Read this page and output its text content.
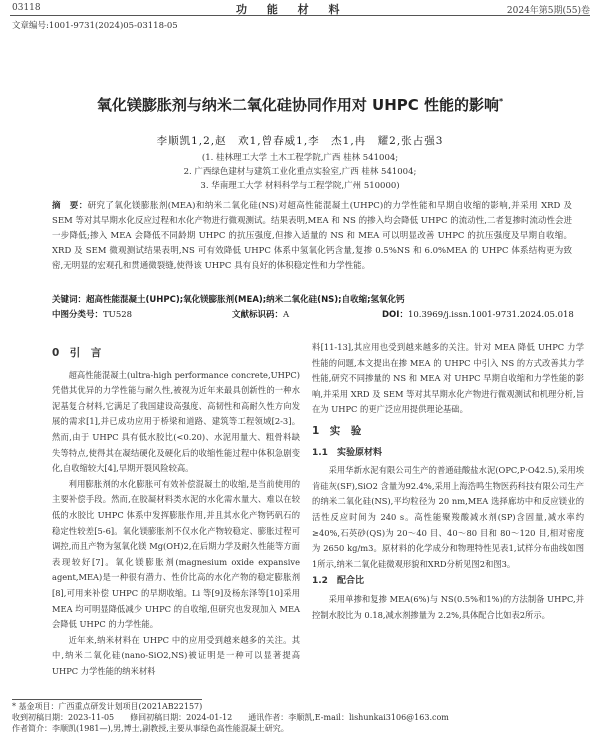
03118	功 能 材 料	2024年第5期(55)卷
文章编号:1001-9731(2024)05-03118-05
氧化镁膨胀剂与纳米二氧化硅协同作用对 UHPC 性能的影响*
李顺凯1,2,赵　欢1,曾春威1,李　杰1,冉　耀2,张占强3
(1. 桂林理工大学 土木工程学院,广西 桂林 541004;
2. 广西绿色建材与建筑工业化重点实验室,广西 桂林 541004;
3. 华南理工大学 材料科学与工程学院,广州 510000)
摘　要：研究了氧化镁膨胀剂(MEA)和纳米二氧化硅(NS)对超高性能混凝土(UHPC)的力学性能和早期自收缩的影响,并采用 XRD 及 SEM 等对其早期水化反应过程和水化产物进行微观测试。结果表明,MEA 和 NS 的掺入均会降低 UHPC 的流动性,二者复掺时流动性会进一步降低;掺入 MEA 会降低不同龄期 UHPC 的抗压强度,但掺入适量的 NS 和 MEA 可以明显改善 UHPC 的抗压强度及早期自收缩。XRD 及 SEM 微观测试结果表明,NS 可有效降低 UHPC 体系中氢氧化钙含量,复掺 0.5%NS 和 6.0%MEA 的 UHPC 体系结构更为致密,无明显的宏观孔和贯通微裂缝,使得该 UHPC 具有良好的体积稳定性和力学性能。
关键词：超高性能混凝土(UHPC);氧化镁膨胀剂(MEA);纳米二氧化硅(NS);自收缩;氢氧化钙
中图分类号：TU528	文献标识码：A	DOI：10.3969/j.issn.1001-9731.2024.05.018
0　引　言

超高性能混凝土(ultra-high performance concrete,UHPC)凭借其优异的力学性能与耐久性,被视为近年来最具创新性的一种水泥基复合材料,它满足了我国建设高强度、高韧性和高耐久性方向发展的需求[1],并已成功应用于桥梁和道路、建筑等工程领域[2-3]。然而,由于 UHPC 具有低水胶比(<0.20)、水泥用量大、粗骨料缺失等特点,使得其在凝结硬化及硬化后的收缩性能过程中体积急剧变化,自收缩较大[4],早期开裂风险较高。

利用膨胀剂的水化膨胀可有效补偿混凝土的收缩,是当前使用的主要补偿手段。然而,在胶凝材料类水泥的水化需水量大、难以在较低的水胶比 UHPC 体系中发挥膨胀作用,并且其水化产物钙矾石的稳定性较差[5-6]。氧化镁膨胀剂不仅水化产物较稳定、膨胀过程可调控,而且产物为氢氧化镁 Mg(OH)2,在后期力学及耐久性能等方面表现较好[7]。氧化镁膨胀剂(magnesium oxide expansive agent,MEA)是一种很有潜力、性价比高的水化产物的稳定膨胀剂[8],可用来补偿 UHPC 的早期收缩。Li 等[9]及杨东泽等[10]采用 MEA 均可明显降低减少 UHPC 的自收缩,但研究也发现加入 MEA 会降低 UHPC 的力学性能。

近年来,纳米材料在 UHPC 中的应用受到越来越多的关注。其中,纳米二氧化硅(nano-SiO2,NS)被证明是一种可以显著提高 UHPC 力学性能的纳米材料

料[11-13],其应用也受到越来越多的关注。针对 MEA 降低 UHPC 力学性能的问题,本文提出在掺 MEA 的 UHPC 中引入 NS 的方式改善其力学性能,研究不同掺量的 NS 和 MEA 对 UHPC 早期自收缩和力学性能的影响,并采用 XRD 及 SEM 等对其早期水化产物进行微观测试和机理分析,旨在为 UHPC 的更广泛应用提供理论基础。

1　实　验
1.1　实验原材料

采用华新水泥有限公司生产的普通硅酸盐水泥(OPC,P·O42.5),采用埃肯硅灰(SF),SiO2 含量为92.4%,采用上海浩鸣生物医药科技有限公司生产的纳米二氧化硅(NS),平均粒径为 20 nm,MEA 选择廊坊中和反应镁业的活性反应时间为 240 s。高性能聚羧酸减水剂(SP)含固量,减水率约 ≥40%,石英砂(QS)为 20～40 目、40～80 目和 80～120 目,相对密度为 2650 kg/m3。原材料的化学成分和物理特性见表1,试样分布曲线如图1所示,纳米二氧化硅微观形貌和XRD分析见图2和图3。

1.2　配合比

采用单掺和复掺 MEA(6%)与 NS(0.5%和1%)的方法制备 UHPC,并控制水胶比为 0.18,减水剂掺量为 2.2%,具体配合比如表2所示。

* 基金项目：广西重点研发计划项目(2021AB22157)
收到初稿日期：2023-11-05　　修回初稿日期：2024-01-12　　通讯作者：李顺凯,E-mail：lishunkai3106@163.com
作者简介：李顺凯(1981—),男,博士,副教授,主要从事绿色高性能混凝土研究。
